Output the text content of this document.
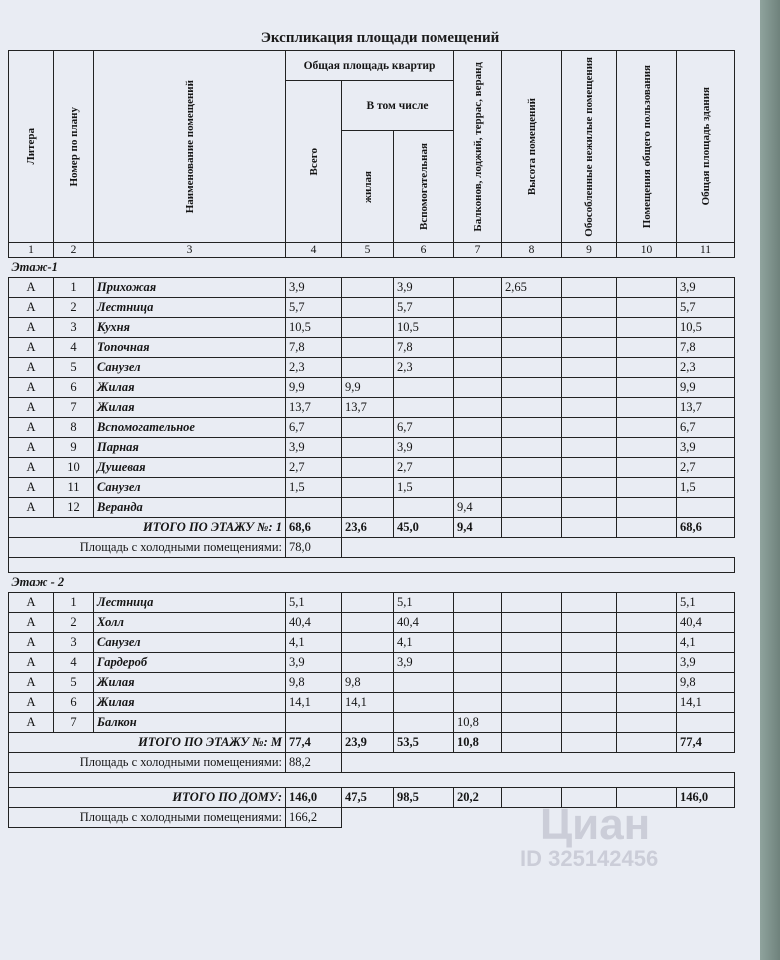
Экспликация площади помещений
Литера	Номер по плану	Наименование помещений	Общая площадь квартир			Балконов, лоджий, террас, веранд	Высота помещений	Обособленные нежилые помещения	Помещения общего пользования	Общая площадь здания

			Всего	В том числе						

				жилая	Вспомогательная					

1	2	3	4	5	6	7	8	9	10	11
Этаж-1										
А	1	Прихожая	3,9		3,9		2,65			3,9
А	2	Лестница	5,7		5,7					5,7
А	3	Кухня	10,5		10,5					10,5
А	4	Топочная	7,8		7,8					7,8
А	5	Санузел	2,3		2,3					2,3
А	6	Жилая	9,9	9,9						9,9
А	7	Жилая	13,7	13,7						13,7
А	8	Вспомогательное	6,7		6,7					6,7
А	9	Парная	3,9		3,9					3,9
А	10	Душевая	2,7		2,7					2,7
А	11	Санузел	1,5		1,5					1,5
А	12	Веранда				9,4				
ИТОГО ПО ЭТАЖУ №: 1			68,6	23,6	45,0	9,4				68,6
Площадь с холодными помещениями:			78,0							

Этаж - 2										
А	1	Лестница	5,1		5,1					5,1
А	2	Холл	40,4		40,4					40,4
А	3	Санузел	4,1		4,1					4,1
А	4	Гардероб	3,9		3,9					3,9
А	5	Жилая	9,8	9,8						9,8
А	6	Жилая	14,1	14,1						14,1
А	7	Балкон				10,8				
ИТОГО ПО ЭТАЖУ №: М			77,4	23,9	53,5	10,8				77,4
Площадь с холодными помещениями:			88,2							

ИТОГО ПО ДОМУ:			146,0	47,5	98,5	20,2				146,0
Площадь с холодными помещениями:			166,2								Циан
ID 325142456
